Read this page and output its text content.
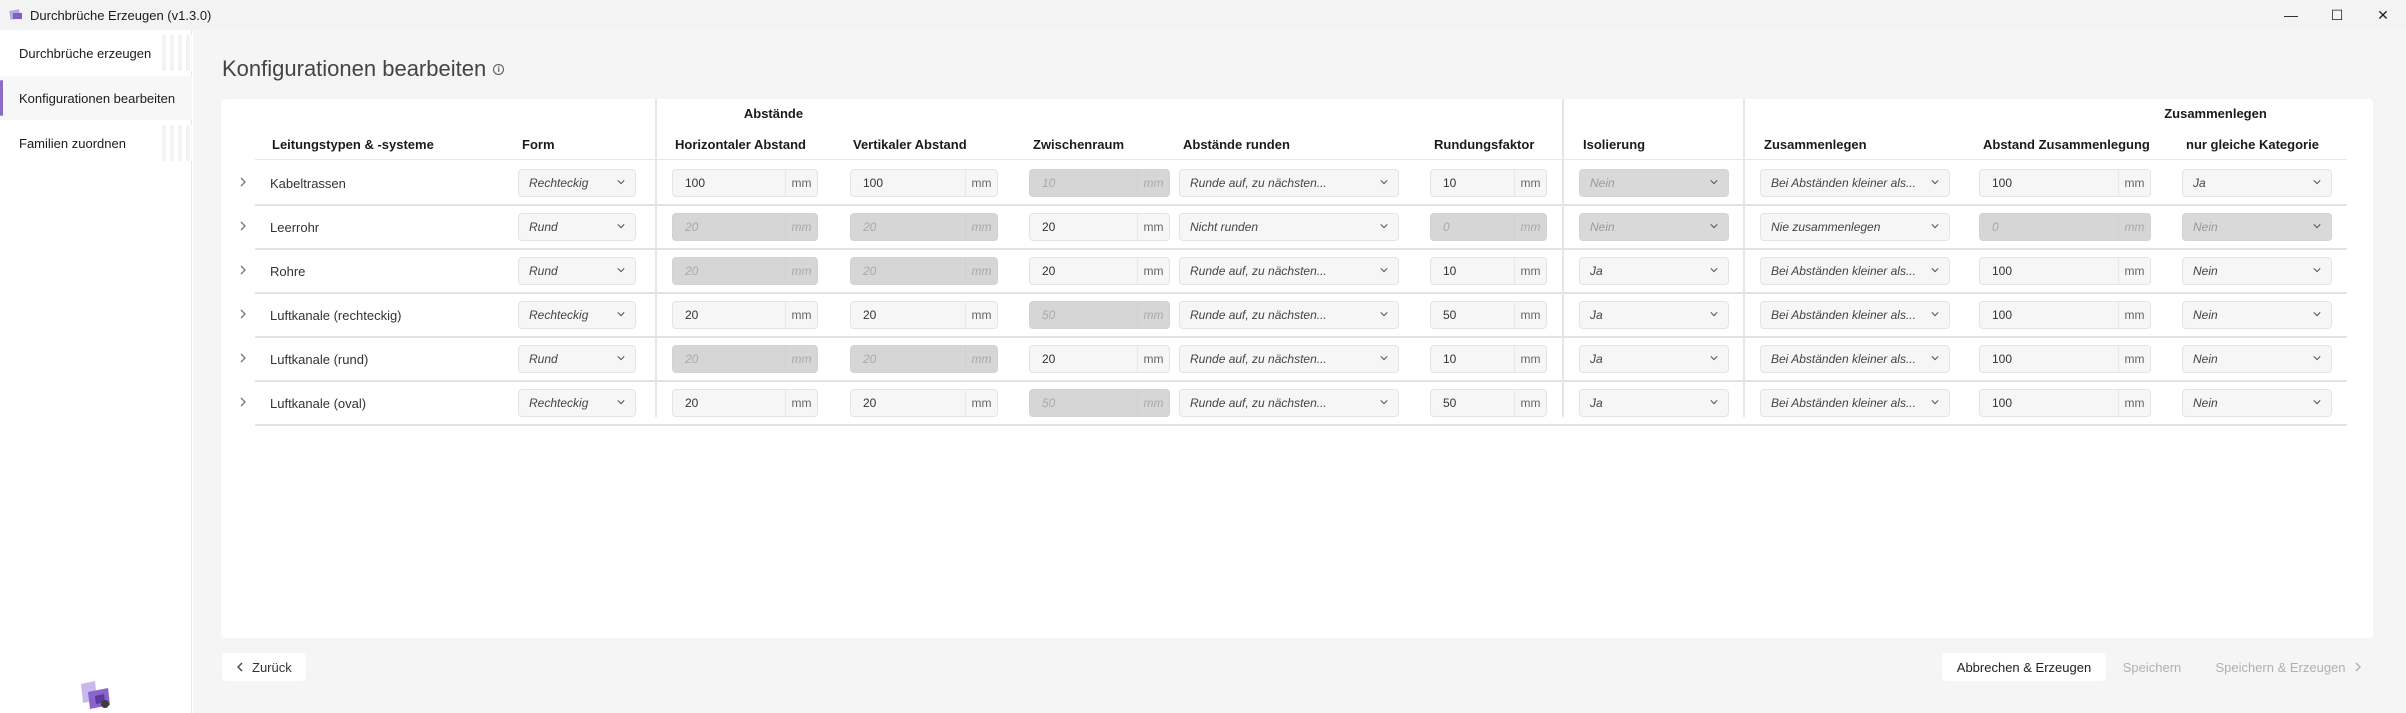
Durchbrüche Erzeugen (v1.3.0)	— ☐ ✕
Durchbrüche erzeugen
Konfigurationen bearbeiten
Familien zuordnen
Konfigurationen bearbeiten	i
Abstände	Zusammenlegen
Leitungstypen & -systeme	Form	Horizontaler Abstand	Vertikaler Abstand	Zwischenraum	Abstände runden	Rundungsfaktor	Isolierung	Zusammenlegen	Abstand Zusammenlegung	nur gleiche Kategorie
Kabeltrassen	Rechteckig	100	mm	100	mm	10	mm	Runde auf, zu nächsten...	10	mm	Nein	Bei Abständen kleiner als...	100	mm	Ja
Leerrohr	Rund	20	mm	20	mm	20	mm	Nicht runden	0	mm	Nein	Nie zusammenlegen	0	mm	Nein
Rohre	Rund	20	mm	20	mm	20	mm	Runde auf, zu nächsten...	10	mm	Ja	Bei Abständen kleiner als...	100	mm	Nein
Luftkanale (rechteckig)	Rechteckig	20	mm	20	mm	50	mm	Runde auf, zu nächsten...	50	mm	Ja	Bei Abständen kleiner als...	100	mm	Nein
Luftkanale (rund)	Rund	20	mm	20	mm	20	mm	Runde auf, zu nächsten...	10	mm	Ja	Bei Abständen kleiner als...	100	mm	Nein
Luftkanale (oval)	Rechteckig	20	mm	20	mm	50	mm	Runde auf, zu nächsten...	50	mm	Ja	Bei Abständen kleiner als...	100	mm	Nein
Zurück	Abbrechen & Erzeugen Speichern	Speichern & Erzeugen
